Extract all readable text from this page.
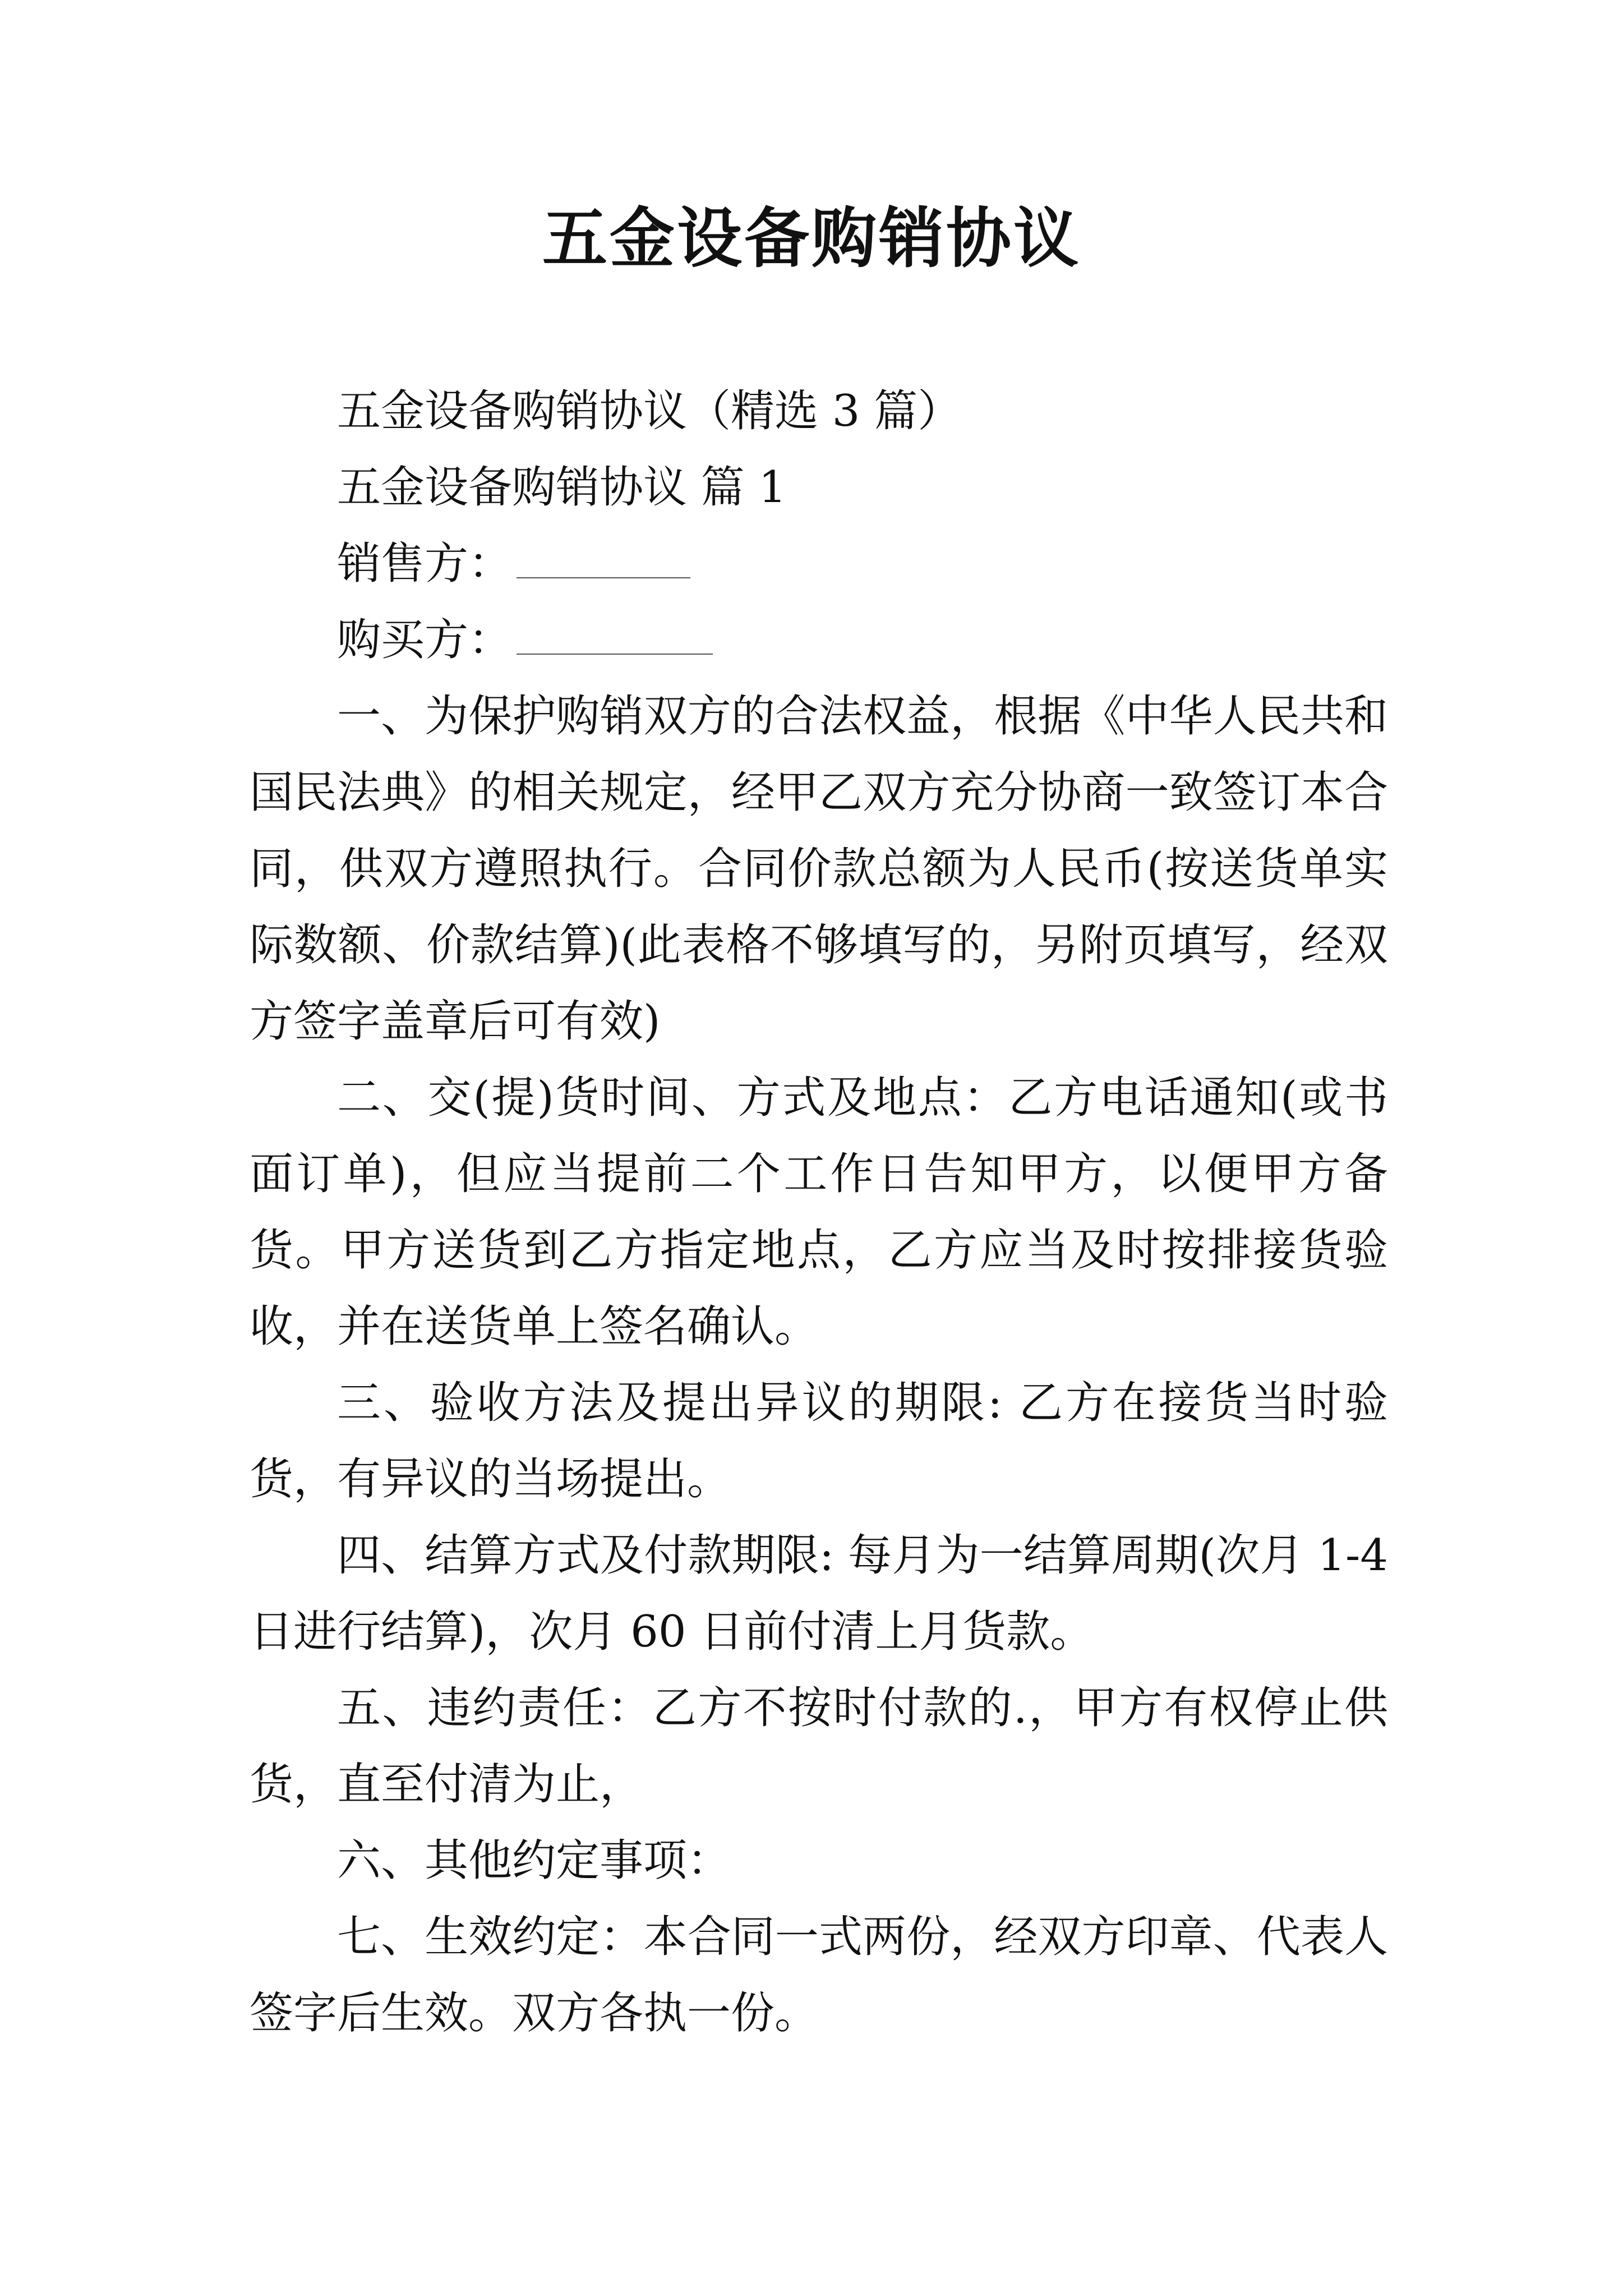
五金设备购销协议

五金设备购销协议（精选 3 篇）

五金设备购销协议 篇 1

销售方：

购买方：

一、为保护购销双方的合法权益，根据《中华人民共和国民法典》的相关规定，经甲乙双方充分协商一致签订本合同，供双方遵照执行。合同价款总额为人民币(按送货单实际数额、价款结算)(此表格不够填写的，另附页填写，经双方签字盖章后可有效)

二、交(提)货时间、方式及地点：乙方电话通知(或书面订单)，但应当提前二个工作日告知甲方，以便甲方备货。甲方送货到乙方指定地点，乙方应当及时按排接货验收，并在送货单上签名确认。

三、验收方法及提出异议的期限: 乙方在接货当时验货，有异议的当场提出。

四、结算方式及付款期限: 每月为一结算周期(次月 1-4日进行结算)，次月 60 日前付清上月货款。

五、违约责任：乙方不按时付款的.，甲方有权停止供货，直至付清为止，

六、其他约定事项：

七、生效约定：本合同一式两份，经双方印章、代表人签字后生效。双方各执一份。
